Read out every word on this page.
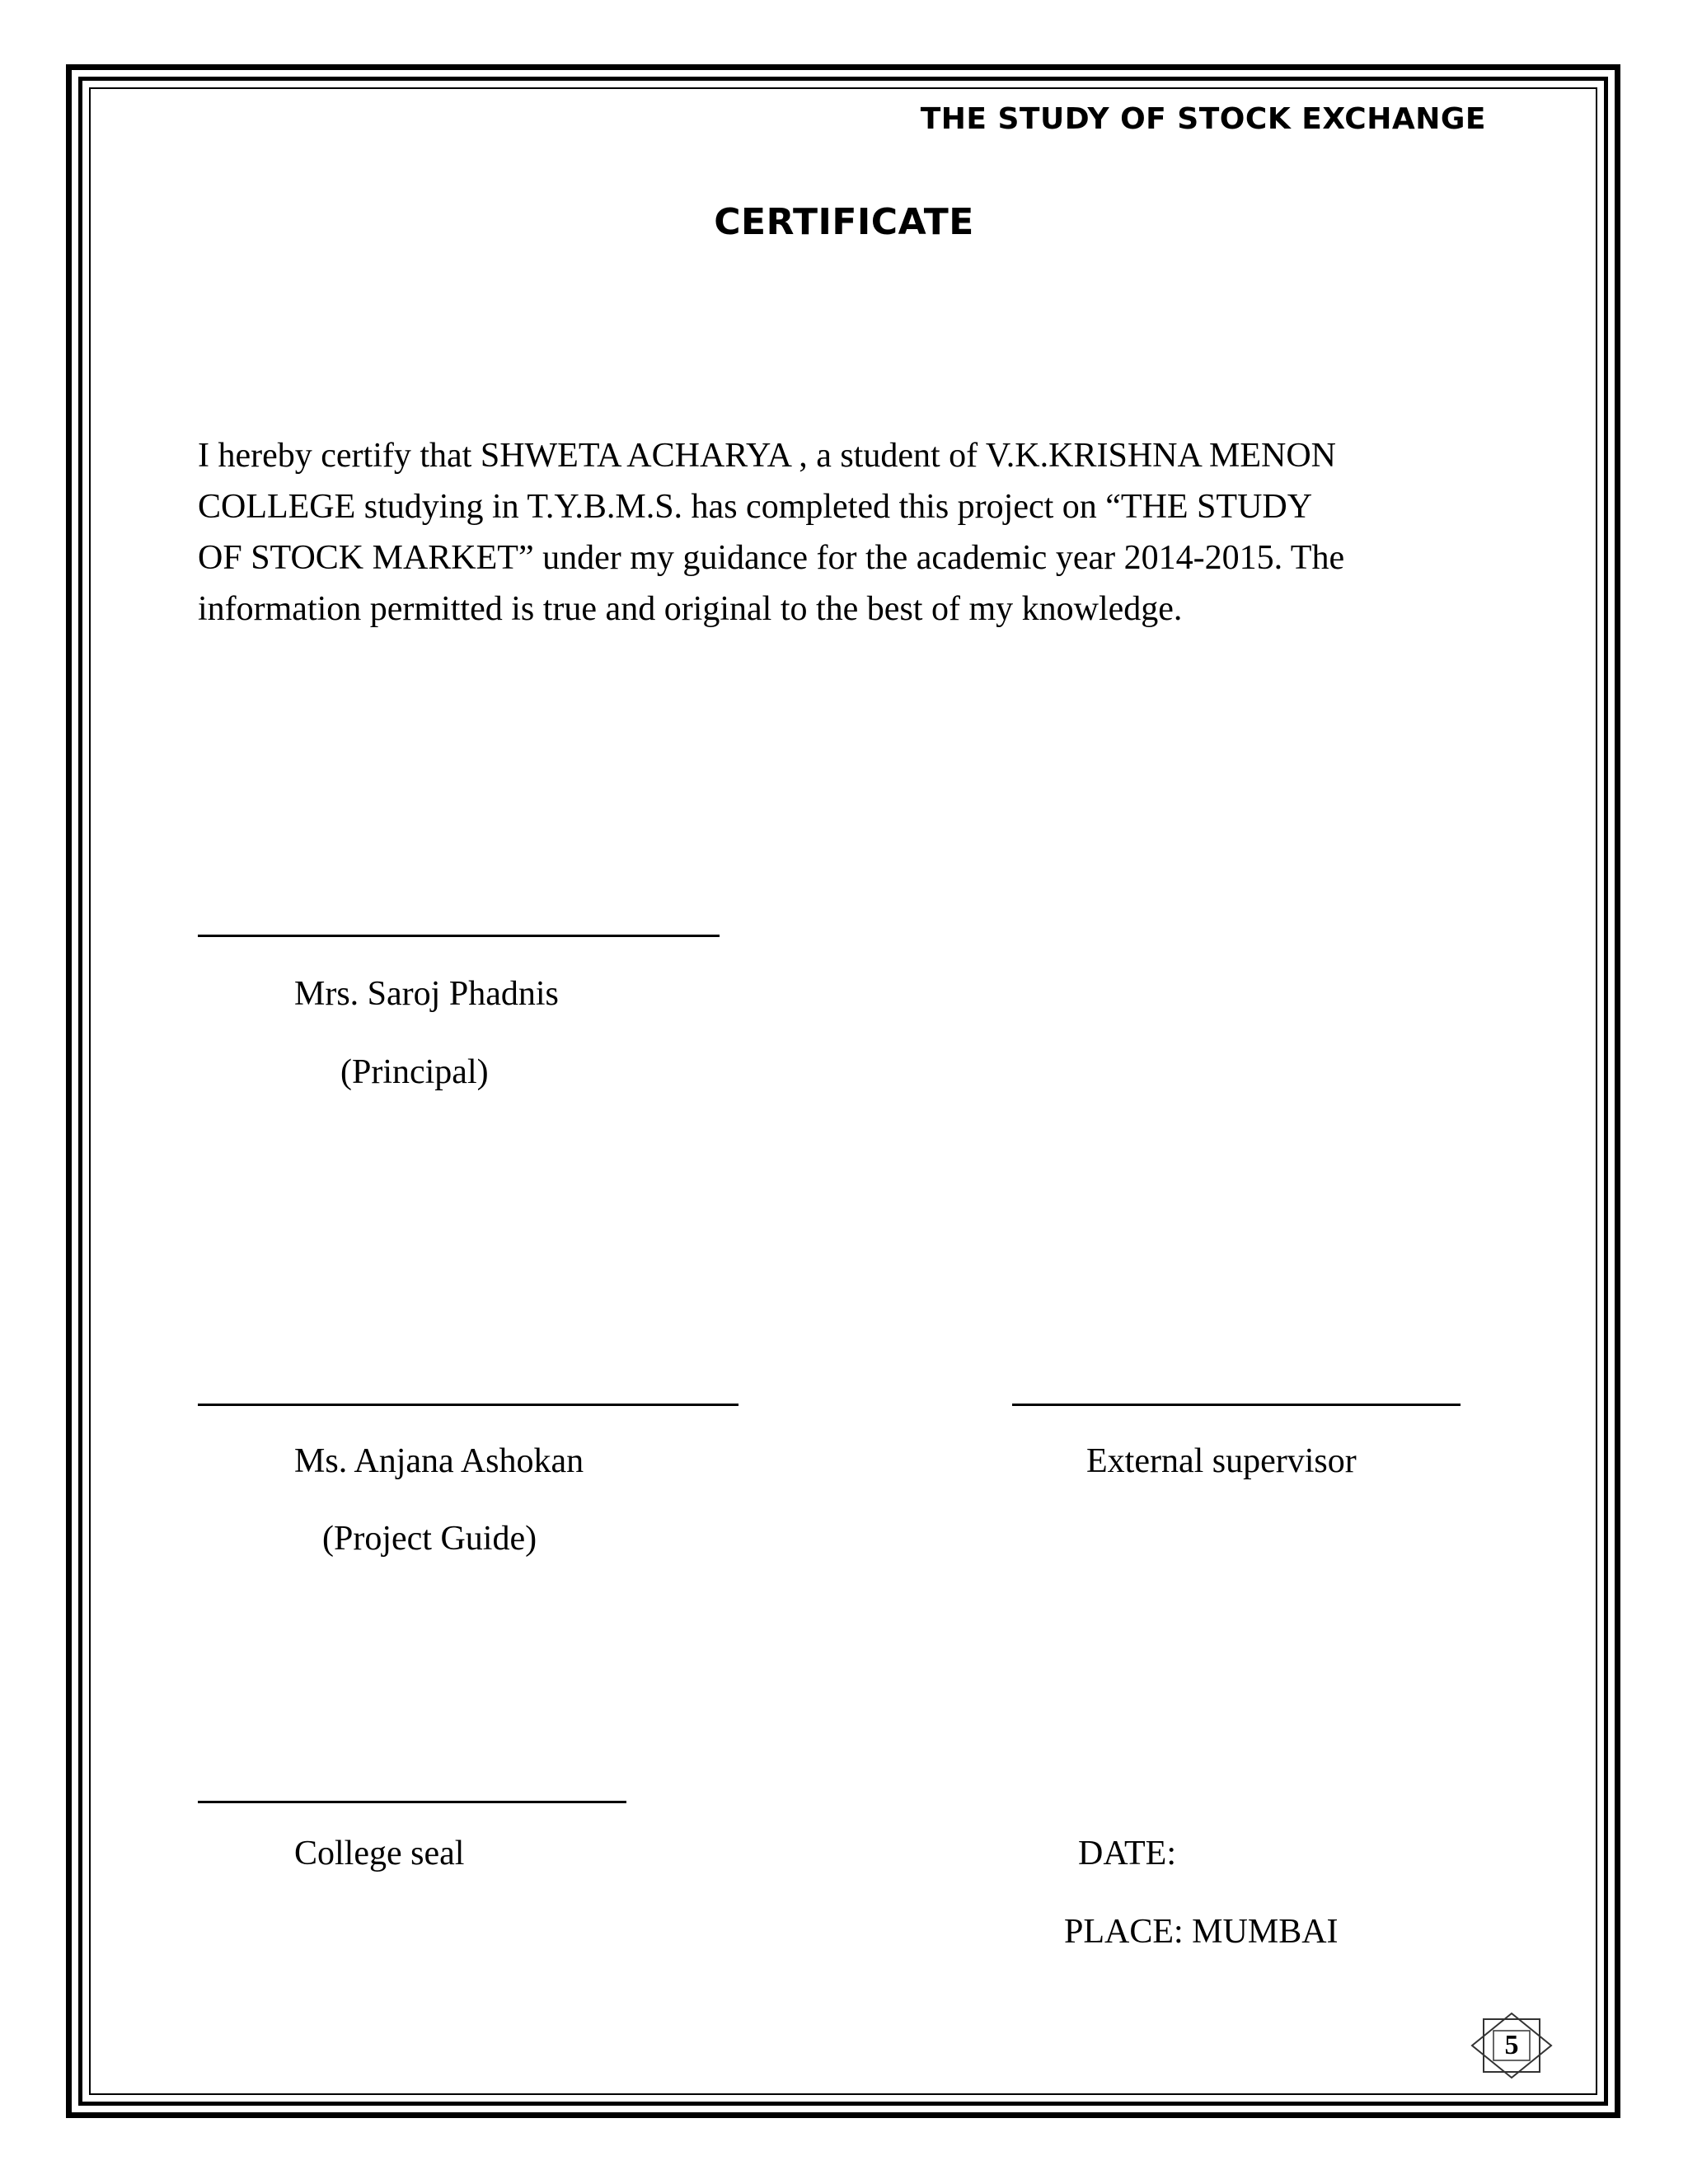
THE STUDY OF STOCK EXCHANGE
CERTIFICATE

I hereby certify that SHWETA ACHARYA , a student of V.K.KRISHNA MENON
COLLEGE studying in T.Y.B.M.S. has completed this project on “THE STUDY
OF STOCK MARKET” under my guidance for the academic year 2014-2015. The
information permitted is true and original to the best of my knowledge.

Mrs. Saroj Phadnis
(Principal)
Ms. Anjana Ashokan
(Project Guide)
External supervisor
College seal	DATE:
PLACE: MUMBAI
5
